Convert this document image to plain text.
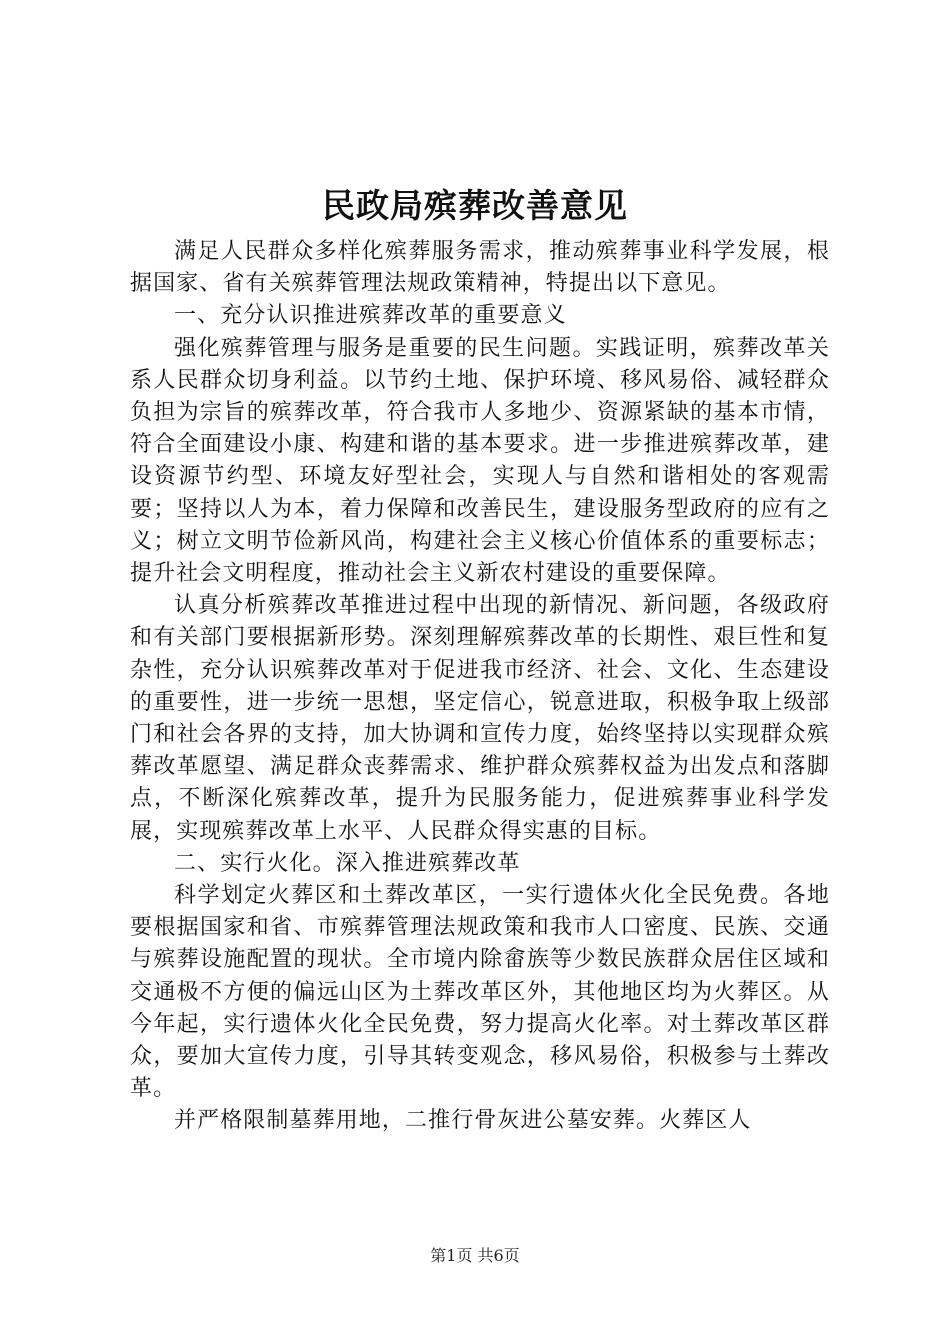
民政局殡葬改善意见

满足人民群众多样化殡葬服务需求，推动殡葬事业科学发展，根据国家、省有关殡葬管理法规政策精神，特提出以下意见。

一、充分认识推进殡葬改革的重要意义

强化殡葬管理与服务是重要的民生问题。实践证明，殡葬改革关系人民群众切身利益。以节约土地、保护环境、移风易俗、减轻群众负担为宗旨的殡葬改革，符合我市人多地少、资源紧缺的基本市情，符合全面建设小康、构建和谐的基本要求。进一步推进殡葬改革，建设资源节约型、环境友好型社会，实现人与自然和谐相处的客观需要；坚持以人为本，着力保障和改善民生，建设服务型政府的应有之义；树立文明节俭新风尚，构建社会主义核心价值体系的重要标志；提升社会文明程度，推动社会主义新农村建设的重要保障。

认真分析殡葬改革推进过程中出现的新情况、新问题，各级政府和有关部门要根据新形势。深刻理解殡葬改革的长期性、艰巨性和复杂性，充分认识殡葬改革对于促进我市经济、社会、文化、生态建设的重要性，进一步统一思想，坚定信心，锐意进取，积极争取上级部门和社会各界的支持，加大协调和宣传力度，始终坚持以实现群众殡葬改革愿望、满足群众丧葬需求、维护群众殡葬权益为出发点和落脚点，不断深化殡葬改革，提升为民服务能力，促进殡葬事业科学发展，实现殡葬改革上水平、人民群众得实惠的目标。

二、实行火化。深入推进殡葬改革

科学划定火葬区和土葬改革区，一实行遗体火化全民免费。各地要根据国家和省、市殡葬管理法规政策和我市人口密度、民族、交通与殡葬设施配置的现状。全市境内除畲族等少数民族群众居住区域和交通极不方便的偏远山区为土葬改革区外，其他地区均为火葬区。从今年起，实行遗体火化全民免费，努力提高火化率。对土葬改革区群众，要加大宣传力度，引导其转变观念，移风易俗，积极参与土葬改革。

并严格限制墓葬用地，二推行骨灰进公墓安葬。火葬区人

第1页 共6页
